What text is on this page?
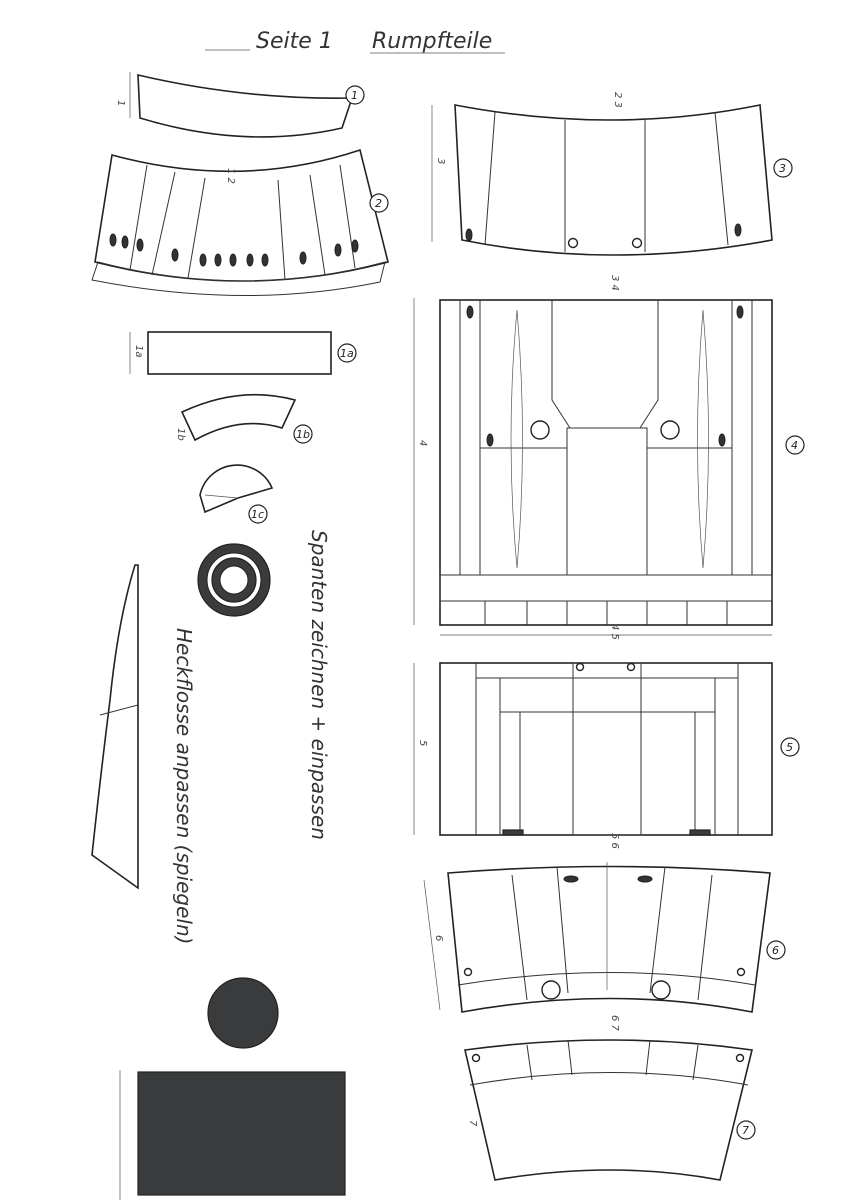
Seite 1 Rumpfteile
1
1
1 2
2
1a	1a
1b	1b
1c
Spanten zeichnen + einpassen
Heckflosse anpassen (spiegeln)
2 3
3
3
3 4
4
4 5
4
5
5 6
5
6
6 7
6
7
7
